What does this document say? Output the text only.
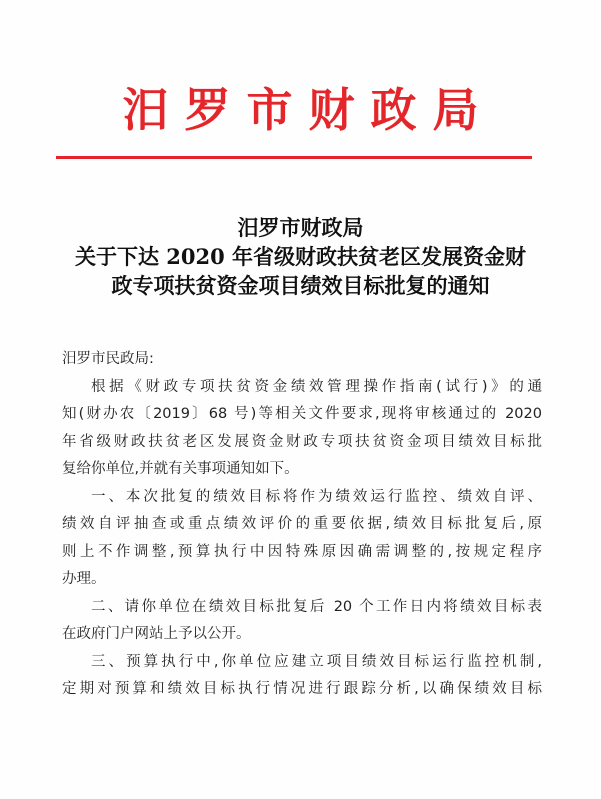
汨罗市财政局
汨罗市财政局
关于下达 2020 年省级财政扶贫老区发展资金财
政专项扶贫资金项目绩效目标批复的通知
汨罗市民政局:
根据《财政专项扶贫资金绩效管理操作指南(试行)》的通
知(财办农〔2019〕68 号)等相关文件要求,现将审核通过的 2020
年省级财政扶贫老区发展资金财政专项扶贫资金项目绩效目标批
复给你单位,并就有关事项通知如下。
一、本次批复的绩效目标将作为绩效运行监控、绩效自评、
绩效自评抽查或重点绩效评价的重要依据,绩效目标批复后,原
则上不作调整,预算执行中因特殊原因确需调整的,按规定程序
办理。
二、请你单位在绩效目标批复后 20 个工作日内将绩效目标表
在政府门户网站上予以公开。
三、预算执行中,你单位应建立项目绩效目标运行监控机制,
定期对预算和绩效目标执行情况进行跟踪分析,以确保绩效目标
